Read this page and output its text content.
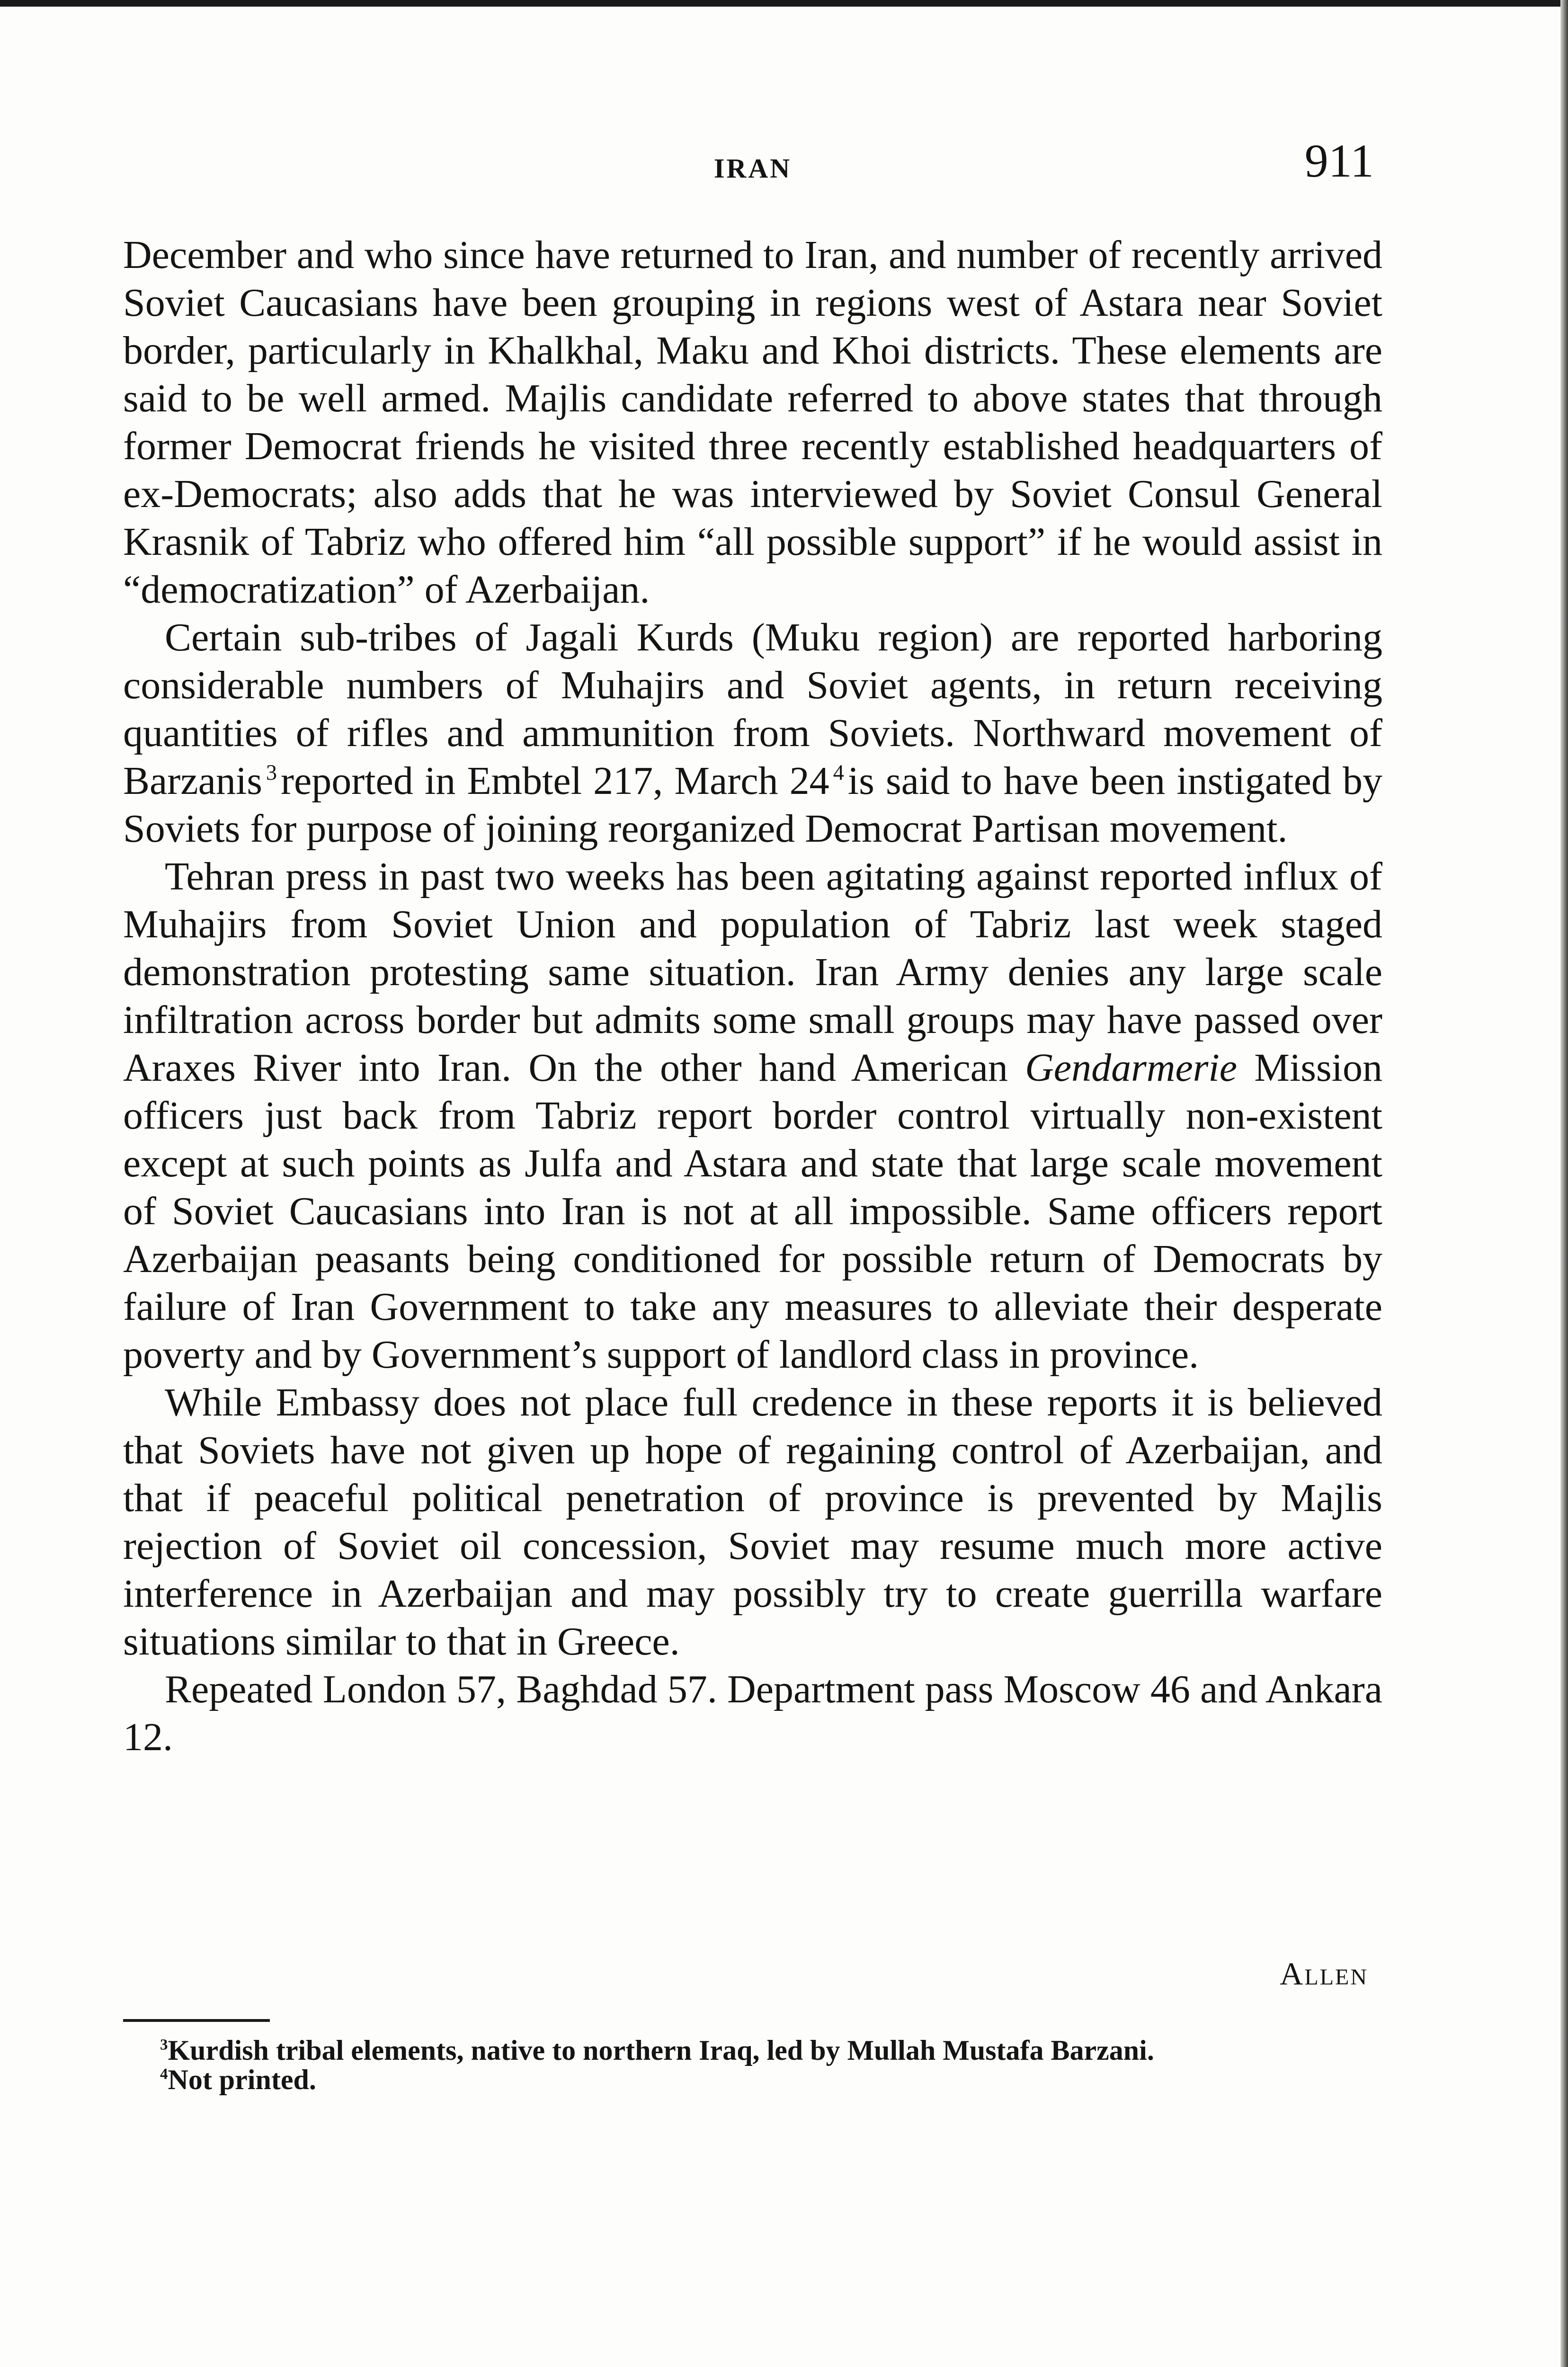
IRAN	911

December and who since have returned to Iran, and number of recently arrived Soviet Caucasians have been grouping in regions west of Astara near Soviet border, particularly in Khalkhal, Maku and Khoi districts. These elements are said to be well armed. Majlis candidate referred to above states that through former Democrat friends he visited three recently established headquarters of ex-Democrats; also adds that he was interviewed by Soviet Consul General Krasnik of Tabriz who offered him “all possible support” if he would assist in “democratization” of Azerbaijan.

Certain sub-tribes of Jagali Kurds (Muku region) are reported harboring considerable numbers of Muhajirs and Soviet agents, in return receiving quantities of rifles and ammunition from Soviets. Northward movement of Barzanis $^3$reported in Embtel 217, March 24 $^4$is said to have been instigated by Soviets for purpose of joining reorganized Democrat Partisan movement.

Tehran press in past two weeks has been agitating against reported influx of Muhajirs from Soviet Union and population of Tabriz last week staged demonstration protesting same situation. Iran Army denies any large scale infiltration across border but admits some small groups may have passed over Araxes River into Iran. On the other hand American Gendarmerie Mission officers just back from Tabriz report border control virtually non-existent except at such points as Julfa and Astara and state that large scale movement of Soviet Caucasians into Iran is not at all impossible. Same officers report Azerbaijan peasants being conditioned for possible return of Democrats by failure of Iran Government to take any measures to alleviate their desperate poverty and by Government’s support of landlord class in province.

While Embassy does not place full credence in these reports it is believed that Soviets have not given up hope of regaining control of Azerbaijan, and that if peaceful political penetration of province is prevented by Majlis rejection of Soviet oil concession, Soviet may resume much more active interference in Azerbaijan and may possibly try to create guerrilla warfare situations similar to that in Greece.

Repeated London 57, Baghdad 57. Department pass Moscow 46 and Ankara 12.

Allen

$^3$Kurdish tribal elements, native to northern Iraq, led by Mullah Mustafa Barzani.

$^4$Not printed.
